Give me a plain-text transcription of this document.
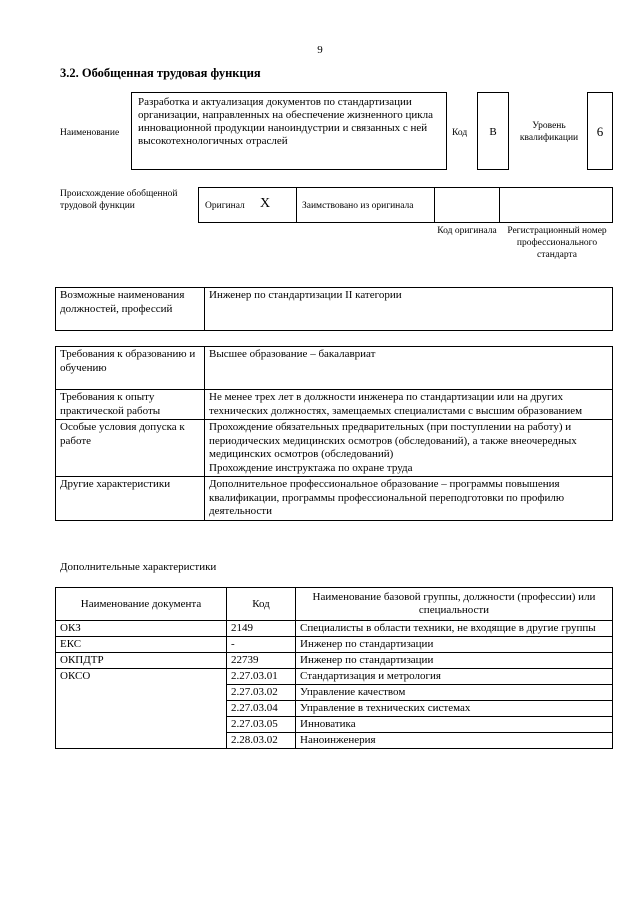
9
3.2. Обобщенная трудовая функция
Наименование
Разработка и актуализация документов по стандартизации организации, направленных на обеспечение жизненного цикла инновационной продукции наноиндустрии и связанных с ней высокотехнологичных отраслей
Код	B	Уровень квалификации	6
Происхождение обобщенной трудовой функции	Оригинал X	Заимствовано из оригинала
Код оригинала	Регистрационный номер профессионального стандарта
Возможные наименования должностей, профессий	Инженер по стандартизации II категории
Требования к образованию и обучению	Высшее образование – бакалавриат
Требования к опыту практической работы	Не менее трех лет в должности инженера по стандартизации или на других технических должностях, замещаемых специалистами с высшим образованием
Особые условия допуска к работе	Прохождение обязательных предварительных (при поступлении на работу) и периодических медицинских осмотров (обследований), а также внеочередных медицинских осмотров (обследований)
Прохождение инструктажа по охране труда

Другие характеристики	Дополнительное профессиональное образование – программы повышения квалификации, программы профессиональной переподготовки по профилю деятельности
Дополнительные характеристики
Наименование документа	Код	Наименование базовой группы, должности (профессии) или специальности
ОКЗ	2149	Специалисты в области техники, не входящие в другие группы
ЕКС	-	Инженер по стандартизации
ОКПДТР	22739	Инженер по стандартизации
ОКСО	2.27.03.01	Стандартизация и метрология
	2.27.03.02	Управление качеством
	2.27.03.04	Управление в технических системах
	2.27.03.05	Инноватика
	2.28.03.02	Наноинженерия
